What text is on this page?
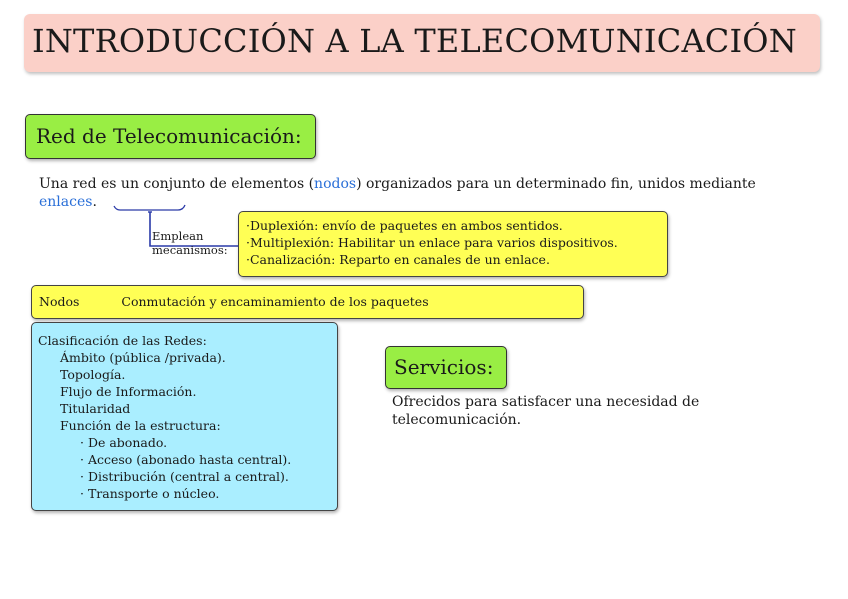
INTRODUCCIÓN A LA TELECOMUNICACIÓN
Red de Telecomunicación:
Una red es un conjunto de elementos (nodos) organizados para un determinado fin, unidos mediante enlaces.
Emplean
mecanismos:
·Duplexión: envío de paquetes en ambos sentidos.
·Multiplexión: Habilitar un enlace para varios dispositivos.
·Canalización: Reparto en canales de un enlace.
Nodos	Conmutación y encaminamiento de los paquetes
Clasificación de las Redes:
Ámbito (pública /privada).
Topología.
Flujo de Información.
Titularidad
Función de la estructura:
· De abonado.
· Acceso (abonado hasta central).
· Distribución (central a central).
· Transporte o núcleo.
Servicios:
Ofrecidos para satisfacer una necesidad de telecomunicación.
